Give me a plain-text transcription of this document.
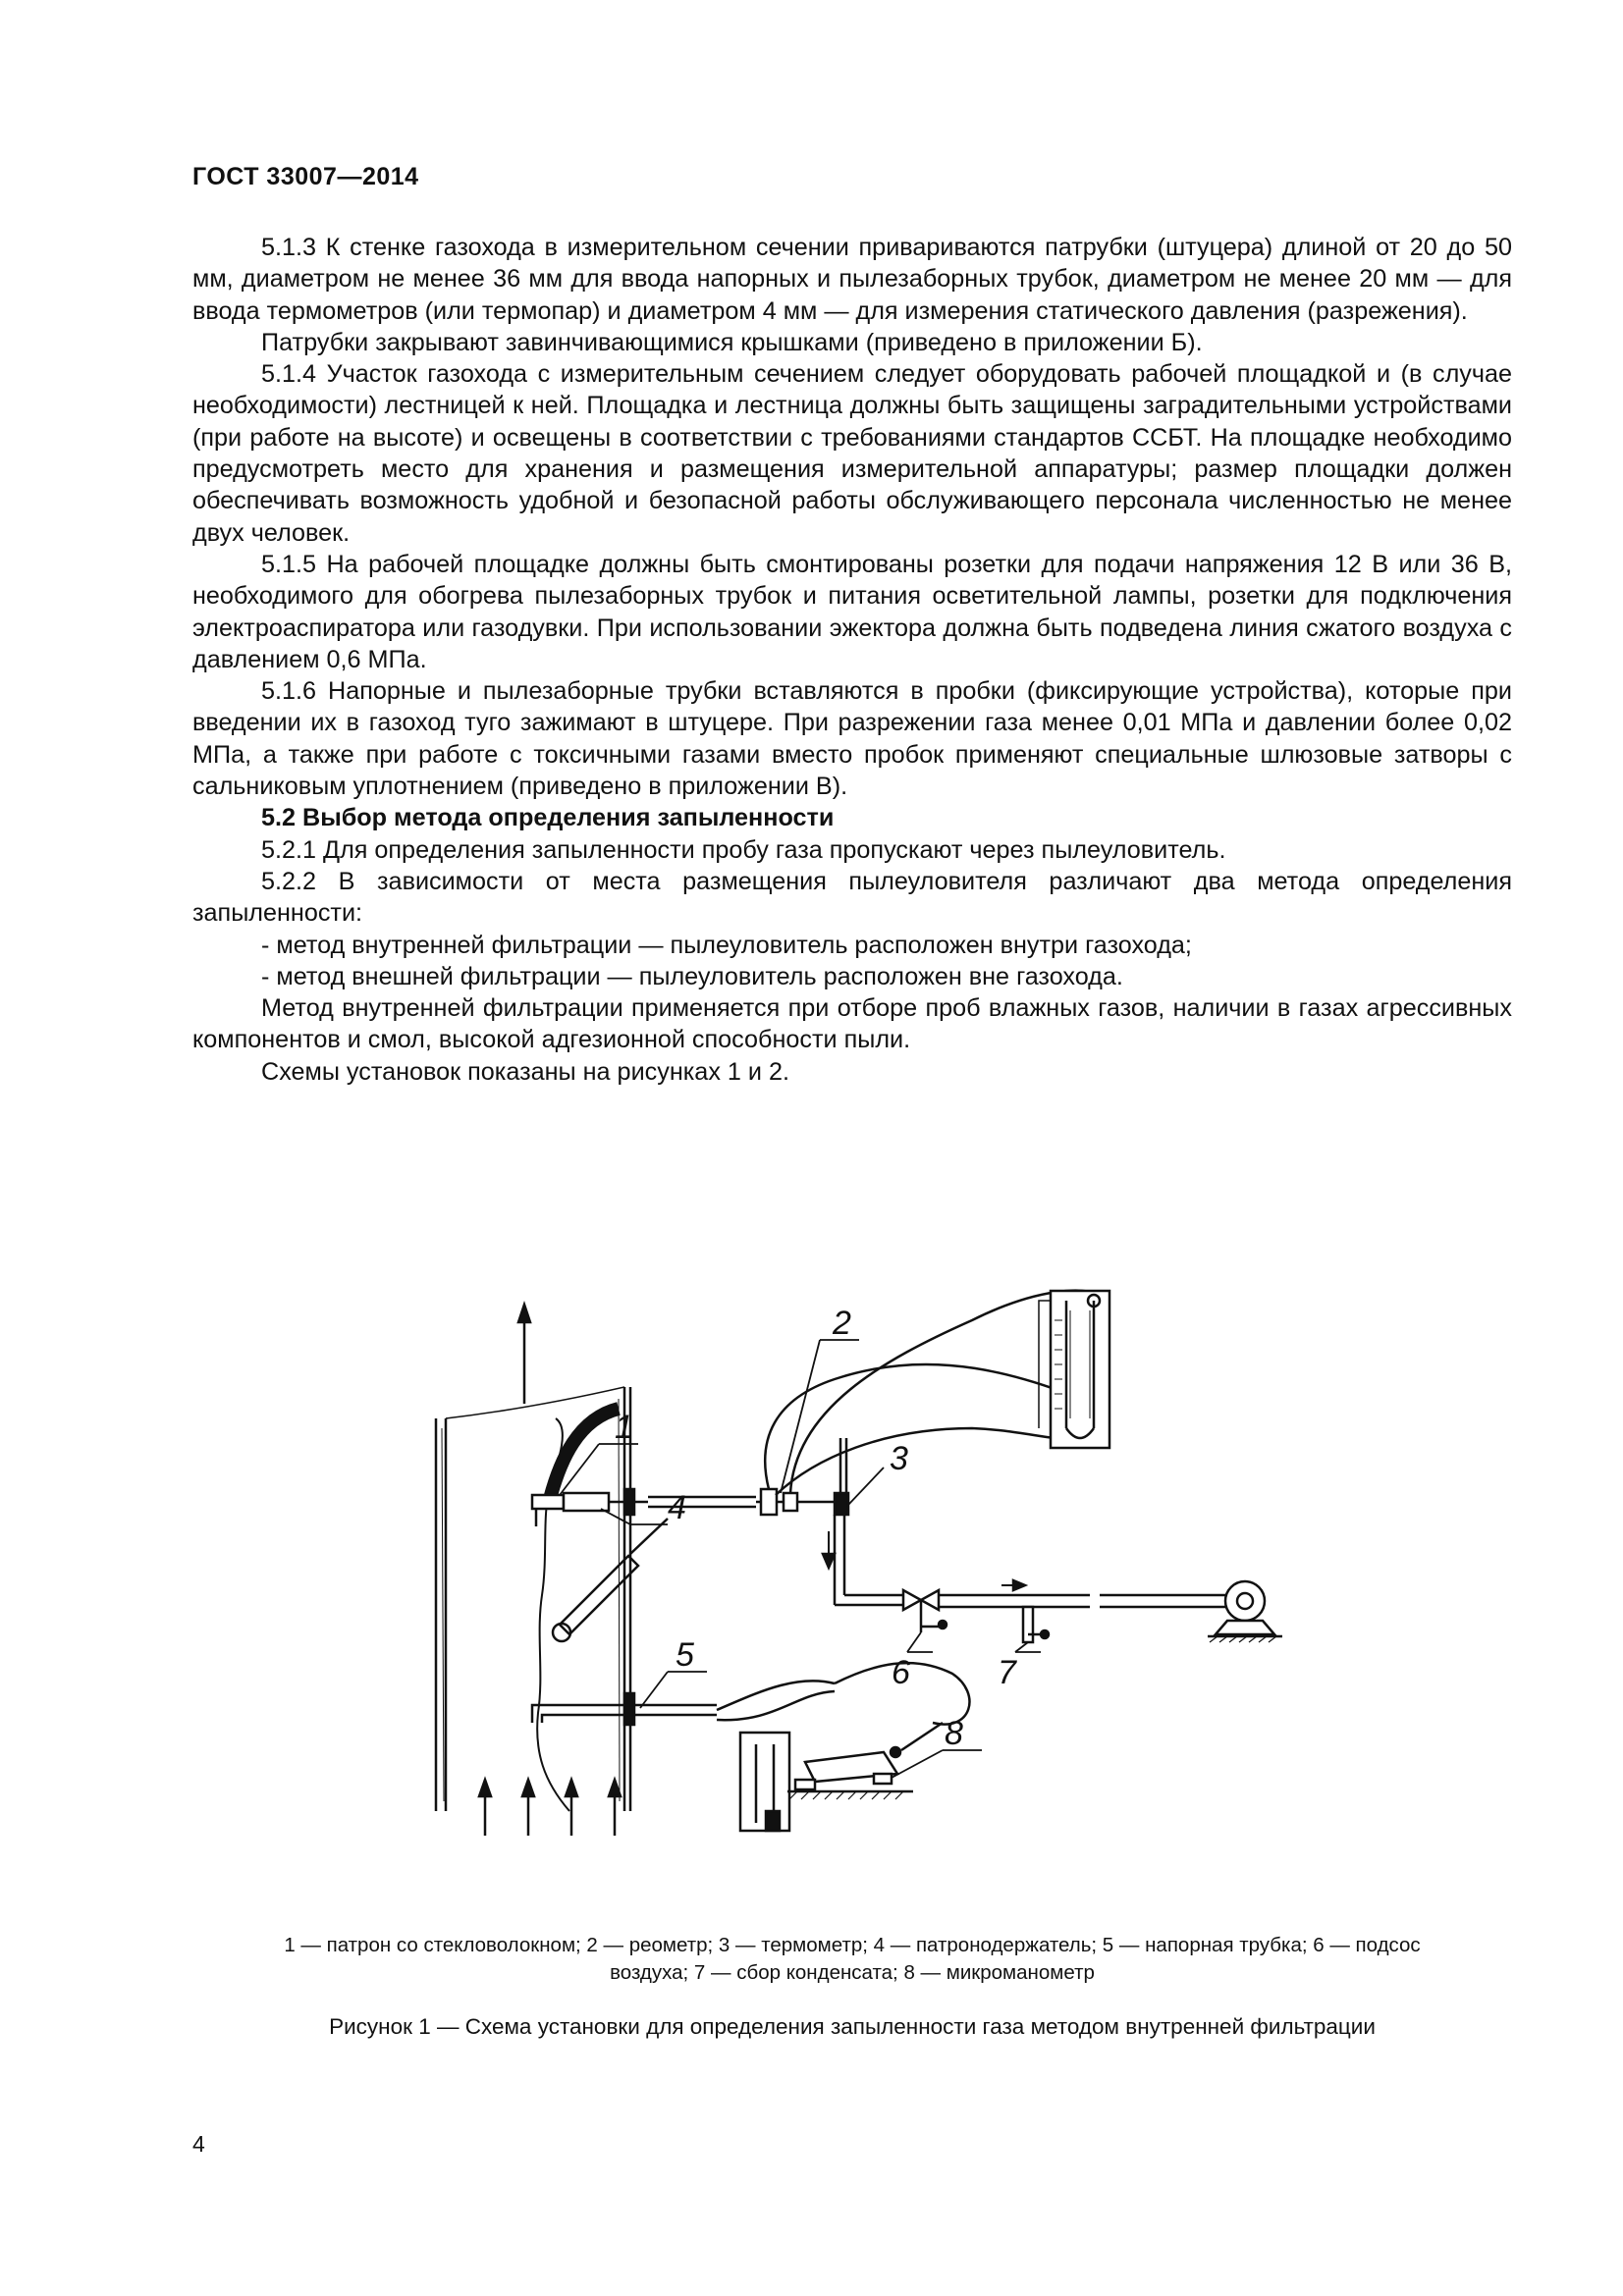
ГОСТ 33007—2014

5.1.3 К стенке газохода в измерительном сечении привариваются патрубки (штуцера) длиной от 20 до 50 мм, диаметром не менее 36 мм для ввода напорных и пылезаборных трубок, диаметром не менее 20 мм — для ввода термометров (или термопар) и диаметром 4 мм — для измерения статического давления (разрежения).

Патрубки закрывают завинчивающимися крышками (приведено в приложении Б).

5.1.4 Участок газохода с измерительным сечением следует оборудовать рабочей площадкой и (в случае необходимости) лестницей к ней. Площадка и лестница должны быть защищены заградительными устройствами (при работе на высоте) и освещены в соответствии с требованиями стандартов ССБТ. На площадке необходимо предусмотреть место для хранения и размещения измерительной аппаратуры; размер площадки должен обеспечивать возможность удобной и безопасной работы обслуживающего персонала численностью не менее двух человек.

5.1.5 На рабочей площадке должны быть смонтированы розетки для подачи напряжения 12 В или 36 В, необходимого для обогрева пылезаборных трубок и питания осветительной лампы, розетки для подключения электроаспиратора или газодувки. При использовании эжектора должна быть подведена линия сжатого воздуха с давлением 0,6 МПа.

5.1.6 Напорные и пылезаборные трубки вставляются в пробки (фиксирующие устройства), которые при введении их в газоход туго зажимают в штуцере. При разрежении газа менее 0,01 МПа и давлении более 0,02 МПа, а также при работе с токсичными газами вместо пробок применяют специальные шлюзовые затворы с сальниковым уплотнением (приведено в приложении В).

5.2 Выбор метода определения запыленности

5.2.1 Для определения запыленности пробу газа пропускают через пылеуловитель.

5.2.2 В зависимости от места размещения пылеуловителя различают два метода определения запыленности:

- метод внутренней фильтрации — пылеуловитель расположен внутри газохода;

- метод внешней фильтрации — пылеуловитель расположен вне газохода.

Метод внутренней фильтрации применяется при отборе проб влажных газов, наличии в газах агрессивных компонентов и смол, высокой адгезионной способности пыли.

Схемы установок показаны на рисунках 1 и 2.

1
2
3
4
5	6	7
8
1 — патрон со стекловолокном; 2 — реометр; 3 — термометр; 4 — патронодержатель; 5 — напорная трубка; 6 — подсос
воздуха; 7 — сбор конденсата; 8 — микроманометр
Рисунок 1 — Схема установки для определения запыленности газа методом внутренней фильтрации
4
